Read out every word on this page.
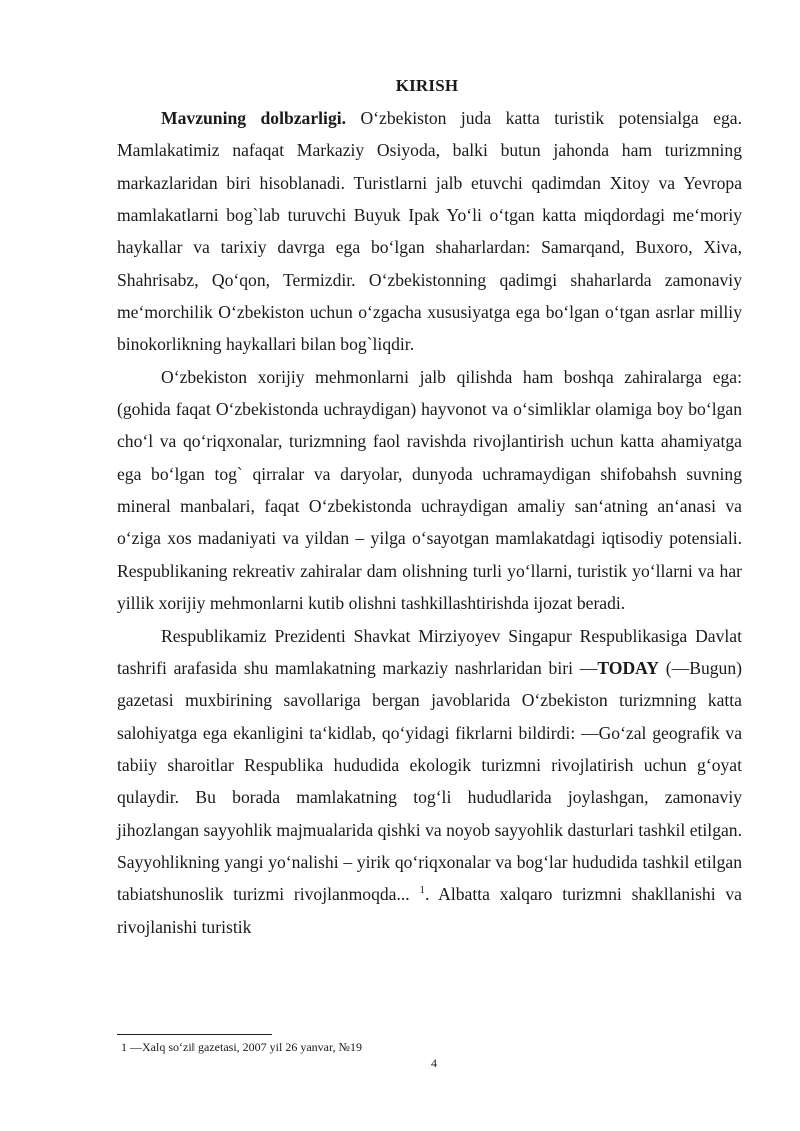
KIRISH

Mavzuning dolbzarligi. O‘zbekiston juda katta turistik potensialga ega. Mamlakatimiz nafaqat Markaziy Osiyoda, balki butun jahonda ham turizmning markazlaridan biri hisoblanadi. Turistlarni jalb etuvchi qadimdan Xitoy va Yevropa mamlakatlarni bog`lab turuvchi Buyuk Ipak Yo‘li o‘tgan katta miqdordagi me‘moriy haykallar va tarixiy davrga ega bo‘lgan shaharlardan: Samarqand, Buxoro, Xiva, Shahrisabz, Qo‘qon, Termizdir. O‘zbekistonning qadimgi shaharlarda zamonaviy me‘morchilik O‘zbekiston uchun o‘zgacha xususiyatga ega bo‘lgan o‘tgan asrlar milliy binokorlikning haykallari bilan bog`liqdir.

O‘zbekiston xorijiy mehmonlarni jalb qilishda ham boshqa zahiralarga ega: (gohida faqat O‘zbekistonda uchraydigan) hayvonot va o‘simliklar olamiga boy bo‘lgan cho‘l va qo‘riqxonalar, turizmning faol ravishda rivojlantirish uchun katta ahamiyatga ega bo‘lgan tog` qirralar va daryolar, dunyoda uchramaydigan shifobahsh suvning mineral manbalari, faqat O‘zbekistonda uchraydigan amaliy san‘atning an‘anasi va o‘ziga xos madaniyati va yildan – yilga o‘sayotgan mamlakatdagi iqtisodiy potensiali. Respublikaning rekreativ zahiralar dam olishning turli yo‘llarni, turistik yo‘llarni va har yillik xorijiy mehmonlarni kutib olishni tashkillashtirishda ijozat beradi.

Respublikamiz Prezidenti Shavkat Mirziyoyev Singapur Respublikasiga Davlat tashrifi arafasida shu mamlakatning markaziy nashrlaridan biri ―TODAY (―Bugun) gazetasi muxbirining savollariga bergan javoblarida O‘zbekiston turizmning katta salohiyatga ega ekanligini ta‘kidlab, qo‘yidagi fikrlarni bildirdi: ―Go‘zal geografik va tabiiy sharoitlar Respublika hududida ekologik turizmni rivojlatirish uchun g‘oyat qulaydir. Bu borada mamlakatning tog‘li hududlarida joylashgan, zamonaviy jihozlangan sayyohlik majmualarida qishki va noyob sayyohlik dasturlari tashkil etilgan. Sayyohlikning yangi yo‘nalishi – yirik qo‘riqxonalar va bog‘lar hududida tashkil etilgan tabiatshunoslik turizmi rivojlanmoqda... $^1$. Albatta xalqaro turizmni shakllanishi va rivojlanishi turistik

1 ―Xalq so‘zi‖ gazetasi, 2007 yil 26 yanvar, №19
4
